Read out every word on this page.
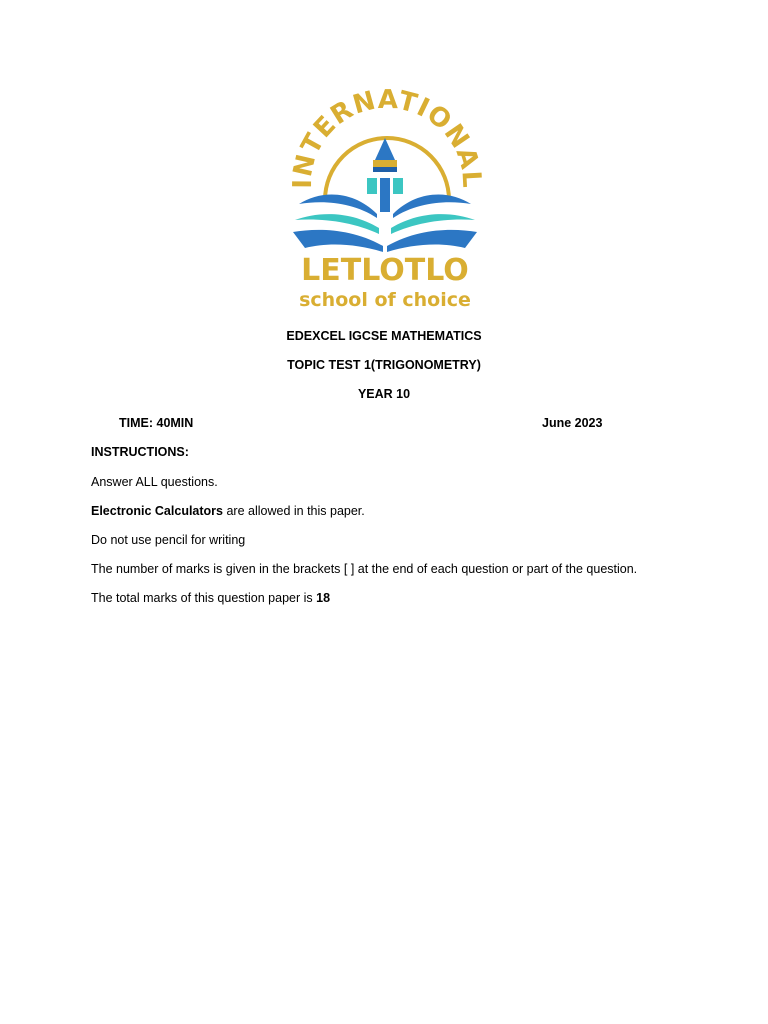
INTERNATIONAL
LETLOTLO
school of choice
EDEXCEL IGCSE MATHEMATICS
TOPIC TEST 1(TRIGONOMETRY)
YEAR 10
TIME: 40MIN	June 2023
INSTRUCTIONS:
Answer ALL questions.
Electronic Calculators are allowed in this paper.
Do not use pencil for writing
The number of marks is given in the brackets [ ] at the end of each question or part of the question.
The total marks of this question paper is 18
